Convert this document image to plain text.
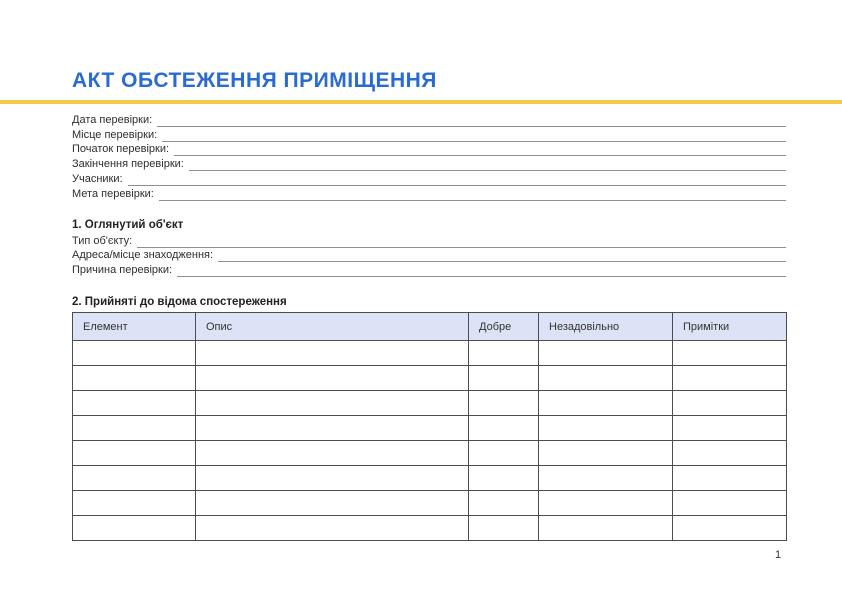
АКТ ОБСТЕЖЕННЯ ПРИМІЩЕННЯ
Дата перевірки:
Місце перевірки:
Початок перевірки:
Закінчення перевірки:
Учасники:
Мета перевірки:
1. Оглянутий об'єкт
Тип об'єкту:
Адреса/місце знаходження:
Причина перевірки:
2. Прийняті до відома спостереження
Елемент	Опис	Добре	Незадовільно	Примітки

1
